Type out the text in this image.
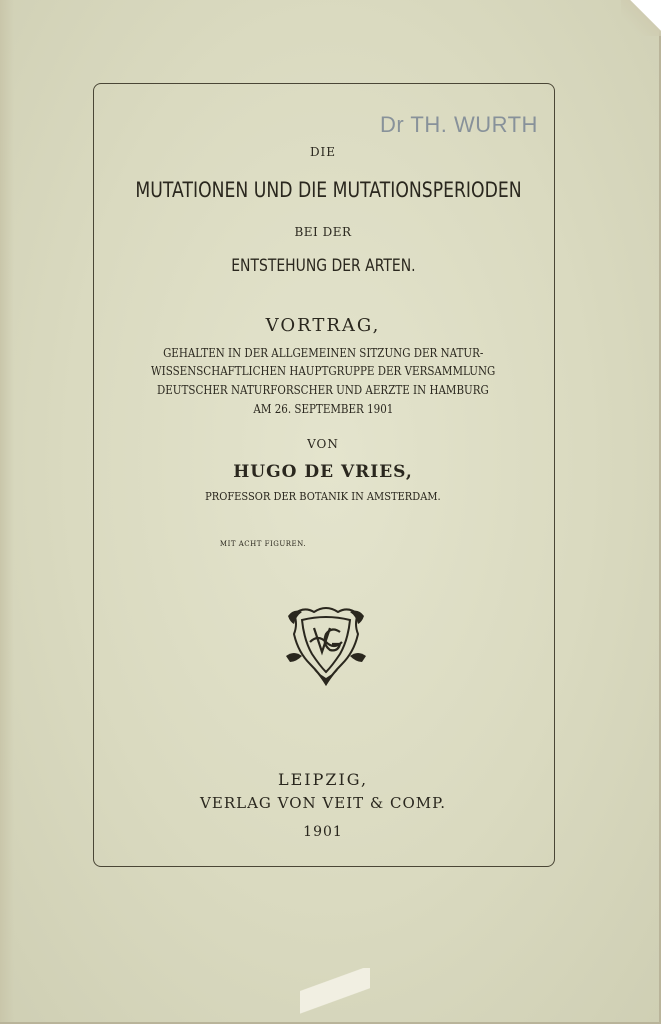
Dr TH. WURTH
DIE
MUTATIONEN UND DIE MUTATIONSPERIODEN
BEI DER
ENTSTEHUNG DER ARTEN.
VORTRAG,
GEHALTEN IN DER ALLGEMEINEN SITZUNG DER NATUR-
WISSENSCHAFTLICHEN HAUPTGRUPPE DER VERSAMMLUNG
DEUTSCHER NATURFORSCHER UND AERZTE IN HAMBURG
AM 26. SEPTEMBER 1901
VON
HUGO DE VRIES,
PROFESSOR DER BOTANIK IN AMSTERDAM.
MIT ACHT FIGUREN.
LEIPZIG,
VERLAG VON VEIT & COMP.
1901
